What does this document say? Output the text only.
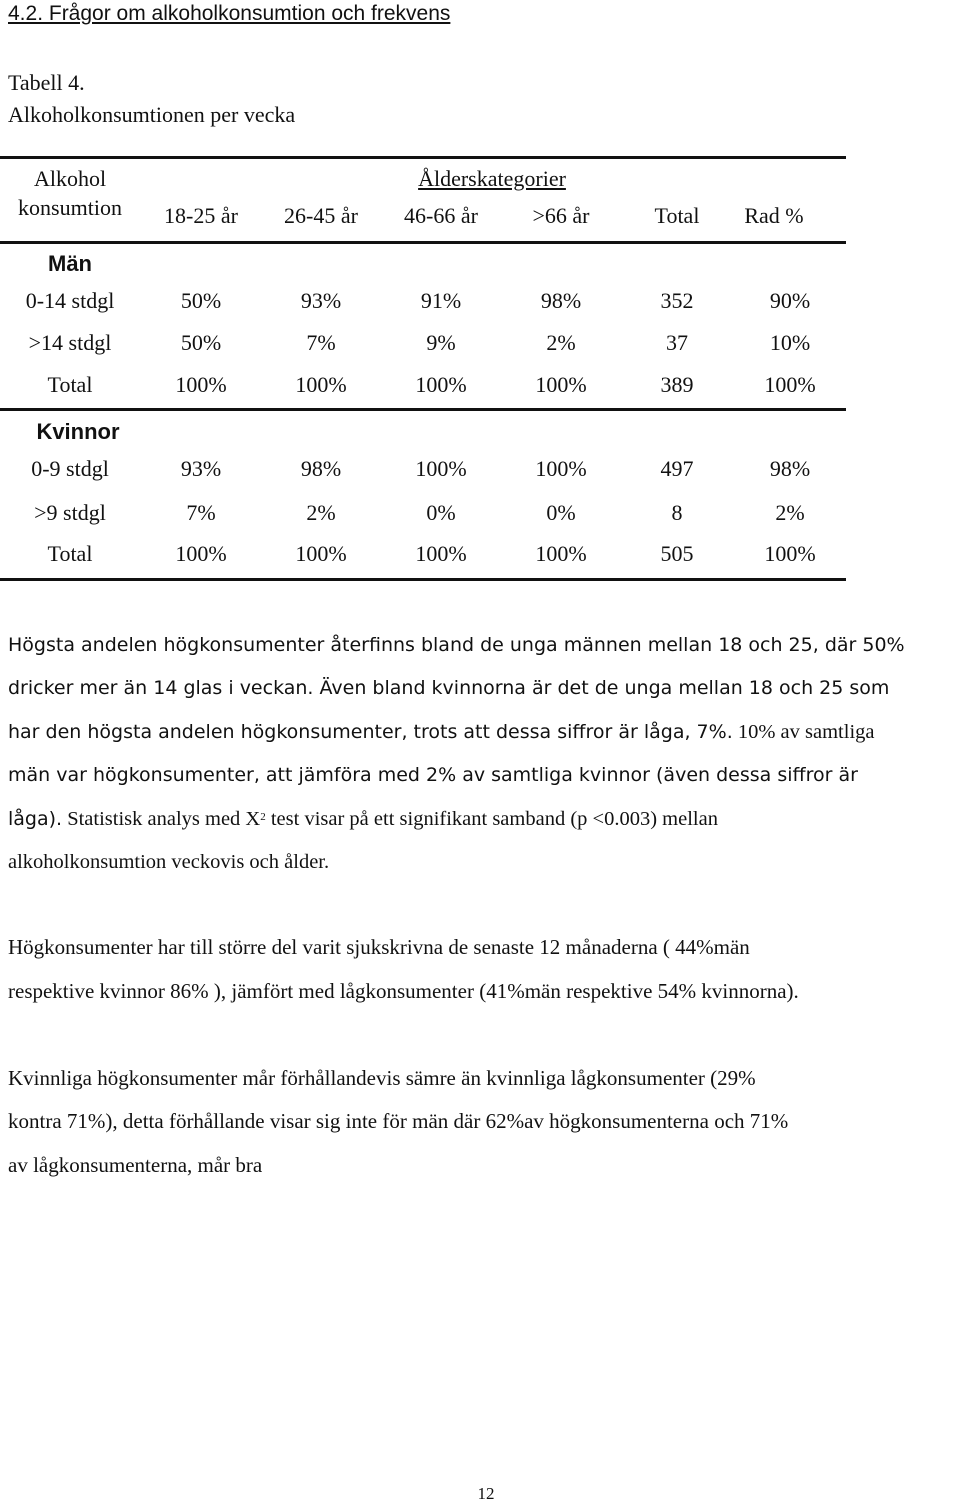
4.2. Frågor om alkoholkonsumtion och frekvens
Tabell 4.
Alkoholkonsumtionen per vecka
Alkohol
konsumtion
Ålderskategorier
18-25 år 26-45 år 46-66 år >66 år	Total Rad %
Män
0-14 stdgl	50%	93%	91%	98%	352	90%
>14 stdgl	50%	7%	9%	2%	37	10%
Total	100%	100%	100%	100%	389	100%
Kvinnor
0-9 stdgl	93%	98%	100%	100%	497	98%
>9 stdgl	7%	2%	0%	0%	8	2%
Total	100%	100%	100%	100%	505	100%
Högsta andelen högkonsumenter återfinns bland de unga männen mellan 18 och 25, där 50%
dricker mer än 14 glas i veckan. Även bland kvinnorna är det de unga mellan 18 och 25 som
har den högsta andelen högkonsumenter, trots att dessa siffror är låga, 7%. 10% av samtliga
män var högkonsumenter, att jämföra med 2% av samtliga kvinnor (även dessa siffror är
låga). Statistisk analys med $X^2$ test visar på ett signifikant samband (p <0.003) mellan
alkoholkonsumtion veckovis och ålder.
Högkonsumenter har till större del varit sjukskrivna de senaste 12 månaderna ( 44%män
respektive kvinnor 86% ), jämfört med lågkonsumenter (41%män respektive 54% kvinnorna).
Kvinnliga högkonsumenter mår förhållandevis sämre än kvinnliga lågkonsumenter (29%
kontra 71%), detta förhållande visar sig inte för män där 62%av högkonsumenterna och 71%
av lågkonsumenterna, mår bra
12
